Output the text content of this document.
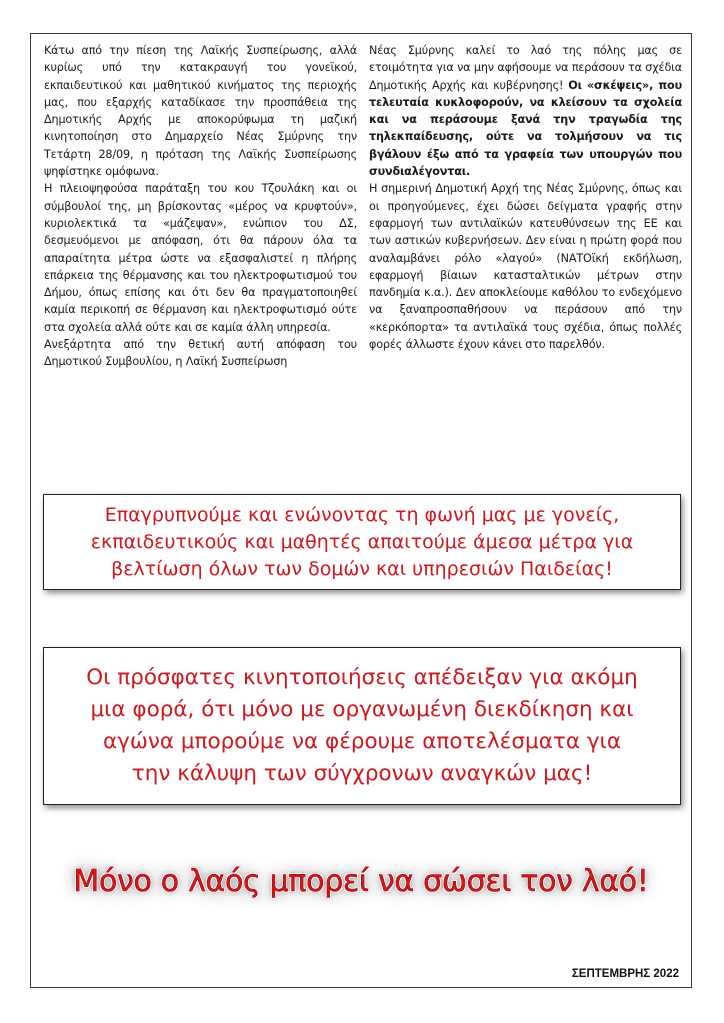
Κάτω από την πίεση της Λαϊκής Συσπείρωσης, αλλά κυρίως υπό την κατακραυγή του γονεϊκού, εκπαιδευτικού και μαθητικού κινήματος της περιοχής μας, που εξαρχής καταδίκασε την προσπάθεια της Δημοτικής Αρχής με αποκορύφωμα τη μαζική κινητοποίηση στο Δημαρχείο Νέας Σμύρνης την Τετάρτη 28/09, η πρόταση της Λαϊκής Συσπείρωσης ψηφίστηκε ομόφωνα.

Η πλειοψηφούσα παράταξη του κου Τζουλάκη και οι σύμβουλοί της, μη βρίσκοντας «μέρος να κρυφτούν», κυριολεκτικά τα «μάζεψαν», ενώπιον του ΔΣ, δεσμευόμενοι με απόφαση, ότι θα πάρουν όλα τα απαραίτητα μέτρα ώστε να εξασφαλιστεί η πλήρης επάρκεια της θέρμανσης και του ηλεκτροφωτισμού του Δήμου, όπως επίσης και ότι δεν θα πραγματοποιηθεί καμία περικοπή σε θέρμανση και ηλεκτροφωτισμό ούτε στα σχολεία αλλά ούτε και σε καμία άλλη υπηρεσία.

Ανεξάρτητα από την θετική αυτή απόφαση του Δημοτικού Συμβουλίου, η Λαϊκή Συσπείρωση

Νέας Σμύρνης καλεί το λαό της πόλης μας σε ετοιμότητα για να μην αφήσουμε να περάσουν τα σχέδια Δημοτικής Αρχής και κυβέρνησης! Οι «σκέψεις», που τελευταία κυκλοφορούν, να κλείσουν τα σχολεία και να περάσουμε ξανά την τραγωδία της τηλεκπαίδευσης, ούτε να τολμήσουν να τις βγάλουν έξω από τα γραφεία των υπουργών που συνδιαλέγονται.

Η σημερινή Δημοτική Αρχή της Νέας Σμύρνης, όπως και οι προηγούμενες, έχει δώσει δείγματα γραφής στην εφαρμογή των αντιλαϊκών κατευθύνσεων της ΕΕ και των αστικών κυβερνήσεων. Δεν είναι η πρώτη φορά που αναλαμβάνει ρόλο «λαγού» (ΝΑΤΟϊκή εκδήλωση, εφαρμογή βίαιων κατασταλτικών μέτρων στην πανδημία κ.α.). Δεν αποκλείουμε καθόλου το ενδεχόμενο να ξαναπροσπαθήσουν να περάσουν από την «κερκόπορτα» τα αντιλαϊκά τους σχέδια, όπως πολλές φορές άλλωστε έχουν κάνει στο παρελθόν.

Επαγρυπνούμε και ενώνοντας τη φωνή μας με γονείς,
εκπαιδευτικούς και μαθητές απαιτούμε άμεσα μέτρα για
βελτίωση όλων των δομών και υπηρεσιών Παιδείας!
Οι πρόσφατες κινητοποιήσεις απέδειξαν για ακόμη
μια φορά, ότι μόνο με οργανωμένη διεκδίκηση και
αγώνα μπορούμε να φέρουμε αποτελέσματα για
την κάλυψη των σύγχρονων αναγκών μας!
Μόνο ο λαός μπορεί να σώσει τον λαό!
ΣΕΠΤΕΜΒΡΗΣ 2022
